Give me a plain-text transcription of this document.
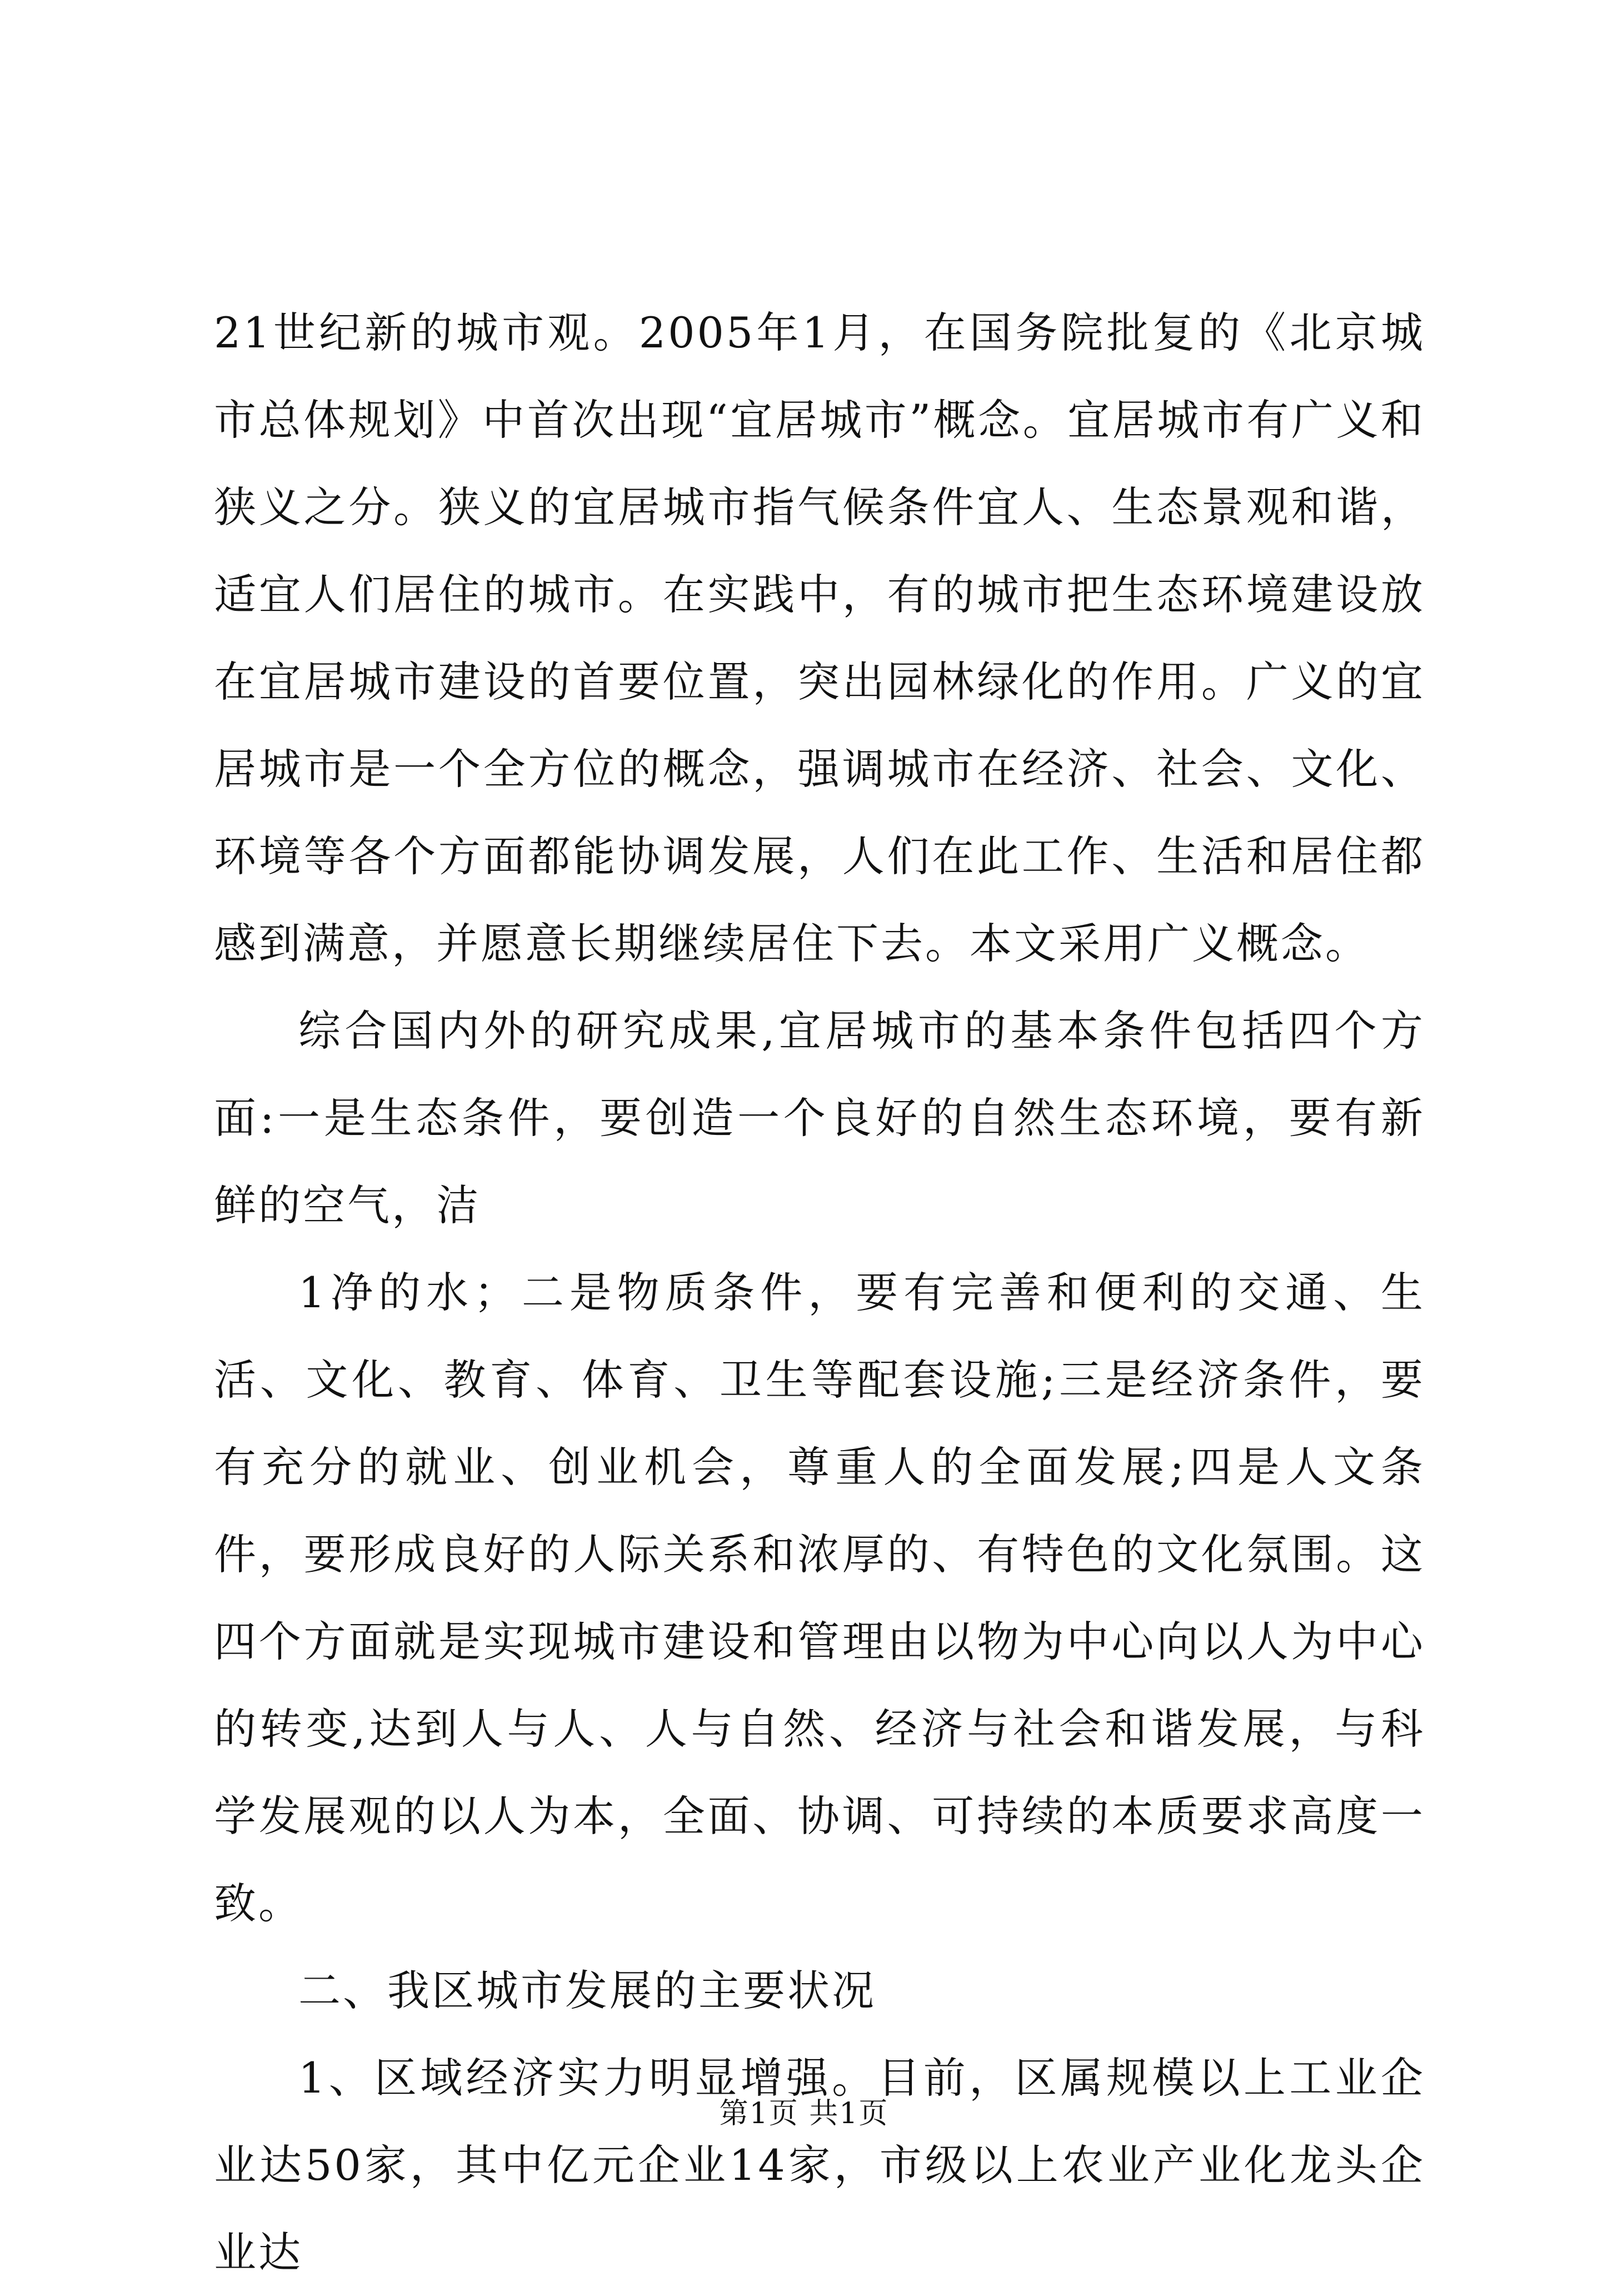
21世纪新的城市观。2005年1月，在国务院批复的《北京城市总体规划》中首次出现“宜居城市”概念。宜居城市有广义和狭义之分。狭义的宜居城市指气候条件宜人、生态景观和谐，适宜人们居住的城市。在实践中，有的城市把生态环境建设放在宜居城市建设的首要位置，突出园林绿化的作用。广义的宜居城市是一个全方位的概念，强调城市在经济、社会、文化、环境等各个方面都能协调发展，人们在此工作、生活和居住都感到满意，并愿意长期继续居住下去。本文采用广义概念。

综合国内外的研究成果,宜居城市的基本条件包括四个方面:一是生态条件，要创造一个良好的自然生态环境，要有新鲜的空气，洁

1净的水；二是物质条件，要有完善和便利的交通、生活、文化、教育、体育、卫生等配套设施;三是经济条件，要有充分的就业、创业机会，尊重人的全面发展;四是人文条件，要形成良好的人际关系和浓厚的、有特色的文化氛围。这四个方面就是实现城市建设和管理由以物为中心向以人为中心的转变,达到人与人、人与自然、经济与社会和谐发展，与科学发展观的以人为本，全面、协调、可持续的本质要求高度一致。

二、我区城市发展的主要状况

1、区域经济实力明显增强。目前，区属规模以上工业企业达50家，其中亿元企业14家，市级以上农业产业化龙头企业达

第1页 共1页
